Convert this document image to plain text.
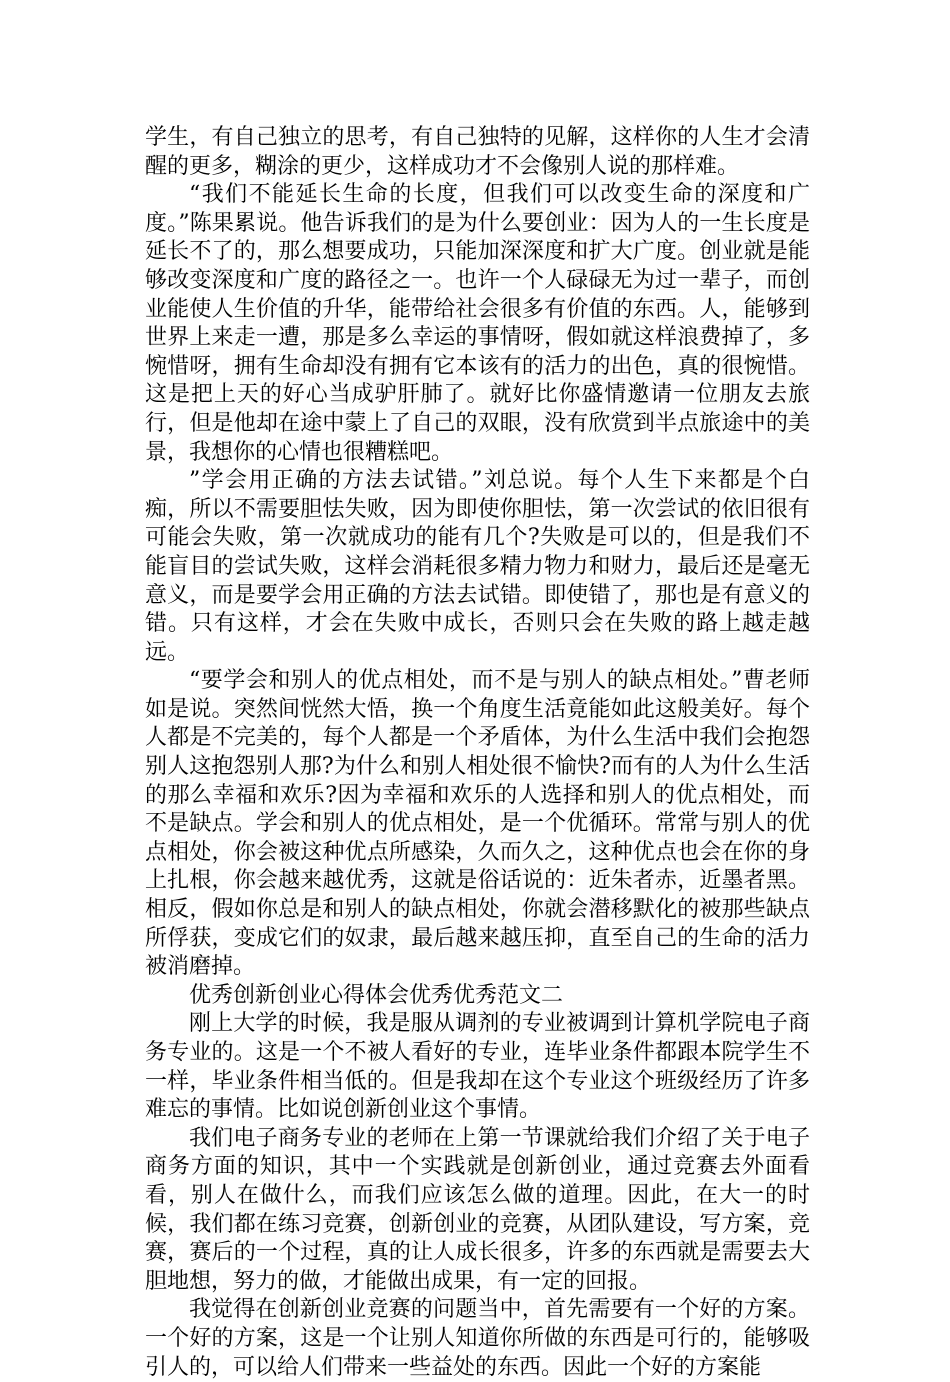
学生，有自己独立的思考，有自己独特的见解，这样你的人生才会清醒的更多，糊涂的更少，这样成功才不会像别人说的那样难。

“我们不能延长生命的长度，但我们可以改变生命的深度和广度。”陈果累说。他告诉我们的是为什么要创业：因为人的一生长度是延长不了的，那么想要成功，只能加深深度和扩大广度。创业就是能够改变深度和广度的路径之一。也许一个人碌碌无为过一辈子，而创业能使人生价值的升华，能带给社会很多有价值的东西。人，能够到世界上来走一遭，那是多么幸运的事情呀，假如就这样浪费掉了，多惋惜呀，拥有生命却没有拥有它本该有的活力的出色，真的很惋惜。这是把上天的好心当成驴肝肺了。就好比你盛情邀请一位朋友去旅行，但是他却在途中蒙上了自己的双眼，没有欣赏到半点旅途中的美景，我想你的心情也很糟糕吧。

”学会用正确的方法去试错。”刘总说。每个人生下来都是个白痴，所以不需要胆怯失败，因为即使你胆怯，第一次尝试的依旧很有可能会失败，第一次就成功的能有几个?失败是可以的，但是我们不能盲目的尝试失败，这样会消耗很多精力物力和财力，最后还是毫无意义，而是要学会用正确的方法去试错。即使错了，那也是有意义的错。只有这样，才会在失败中成长，否则只会在失败的路上越走越远。

“要学会和别人的优点相处，而不是与别人的缺点相处。”曹老师如是说。突然间恍然大悟，换一个角度生活竟能如此这般美好。每个人都是不完美的，每个人都是一个矛盾体，为什么生活中我们会抱怨别人这抱怨别人那?为什么和别人相处很不愉快?而有的人为什么生活的那么幸福和欢乐?因为幸福和欢乐的人选择和别人的优点相处，而不是缺点。学会和别人的优点相处，是一个优循环。常常与别人的优点相处，你会被这种优点所感染，久而久之，这种优点也会在你的身上扎根，你会越来越优秀，这就是俗话说的：近朱者赤，近墨者黑。相反，假如你总是和别人的缺点相处，你就会潜移默化的被那些缺点所俘获，变成它们的奴隶，最后越来越压抑，直至自己的生命的活力被消磨掉。

优秀创新创业心得体会优秀优秀范文二

刚上大学的时候，我是服从调剂的专业被调到计算机学院电子商务专业的。这是一个不被人看好的专业，连毕业条件都跟本院学生不一样，毕业条件相当低的。但是我却在这个专业这个班级经历了许多难忘的事情。比如说创新创业这个事情。

我们电子商务专业的老师在上第一节课就给我们介绍了关于电子商务方面的知识，其中一个实践就是创新创业，通过竞赛去外面看看，别人在做什么，而我们应该怎么做的道理。因此，在大一的时候，我们都在练习竞赛，创新创业的竞赛，从团队建设，写方案，竞赛，赛后的一个过程，真的让人成长很多，许多的东西就是需要去大胆地想，努力的做，才能做出成果，有一定的回报。

我觉得在创新创业竞赛的问题当中，首先需要有一个好的方案。一个好的方案，这是一个让别人知道你所做的东西是可行的，能够吸引人的，可以给人们带来一些益处的东西。因此一个好的方案能
